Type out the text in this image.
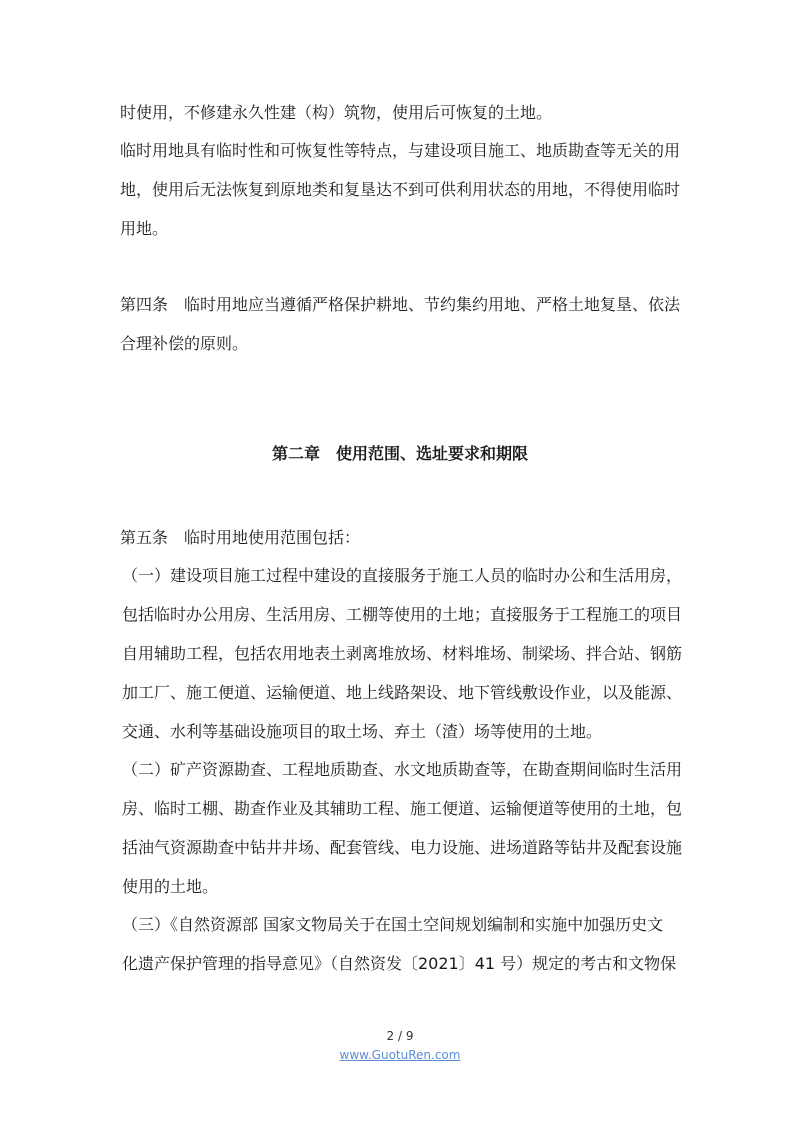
时使用，不修建永久性建（构）筑物，使用后可恢复的土地。

临时用地具有临时性和可恢复性等特点，与建设项目施工、地质勘查等无关的用

地，使用后无法恢复到原地类和复垦达不到可供利用状态的用地，不得使用临时

用地。

第四条　临时用地应当遵循严格保护耕地、节约集约用地、严格土地复垦、依法

合理补偿的原则。

第二章　使用范围、选址要求和期限

第五条　临时用地使用范围包括：

（一）建设项目施工过程中建设的直接服务于施工人员的临时办公和生活用房，

包括临时办公用房、生活用房、工棚等使用的土地；直接服务于工程施工的项目

自用辅助工程，包括农用地表土剥离堆放场、材料堆场、制梁场、拌合站、钢筋

加工厂、施工便道、运输便道、地上线路架设、地下管线敷设作业，以及能源、

交通、水利等基础设施项目的取土场、弃土（渣）场等使用的土地。

（二）矿产资源勘查、工程地质勘查、水文地质勘查等，在勘查期间临时生活用

房、临时工棚、勘查作业及其辅助工程、施工便道、运输便道等使用的土地，包

括油气资源勘查中钻井井场、配套管线、电力设施、进场道路等钻井及配套设施

使用的土地。

（三）《自然资源部 国家文物局关于在国土空间规划编制和实施中加强历史文

化遗产保护管理的指导意见》（自然资发〔2021〕41 号）规定的考古和文物保

2 / 9
www.GuotuRen.com
